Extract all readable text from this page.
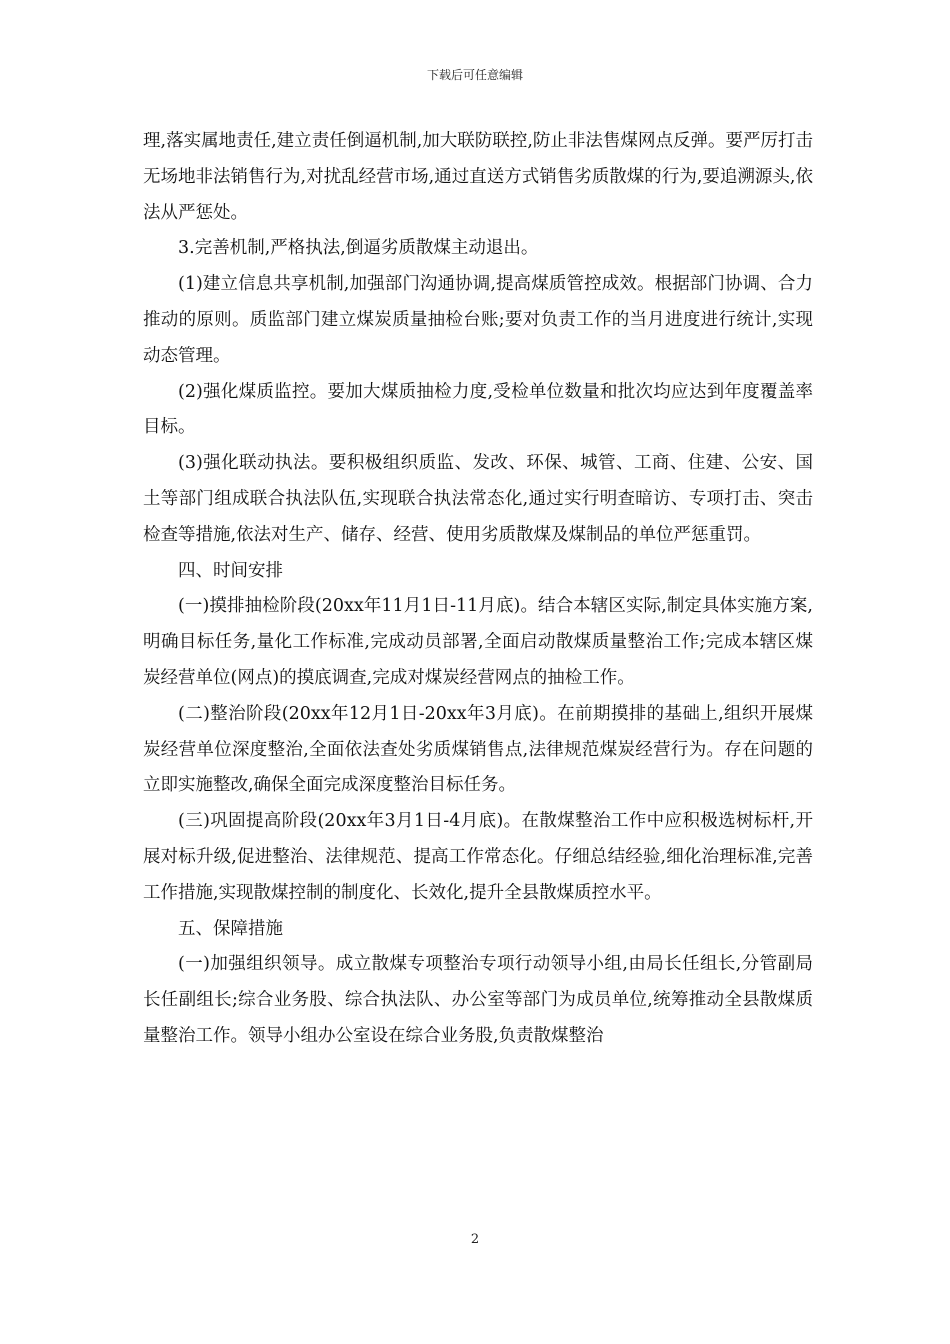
下载后可任意编辑

理,落实属地责任,建立责任倒逼机制,加大联防联控,防止非法售煤网点反弹。要严厉打击无场地非法销售行为,对扰乱经营市场,通过直送方式销售劣质散煤的行为,要追溯源头,依法从严惩处。

3.完善机制,严格执法,倒逼劣质散煤主动退出。

(1)建立信息共享机制,加强部门沟通协调,提高煤质管控成效。根据部门协调、合力推动的原则。质监部门建立煤炭质量抽检台账;要对负责工作的当月进度进行统计,实现动态管理。

(2)强化煤质监控。要加大煤质抽检力度,受检单位数量和批次均应达到年度覆盖率目标。

(3)强化联动执法。要积极组织质监、发改、环保、城管、工商、住建、公安、国土等部门组成联合执法队伍,实现联合执法常态化,通过实行明查暗访、专项打击、突击检查等措施,依法对生产、储存、经营、使用劣质散煤及煤制品的单位严惩重罚。

四、时间安排

(一)摸排抽检阶段(20xx年11月1日-11月底)。结合本辖区实际,制定具体实施方案,明确目标任务,量化工作标准,完成动员部署,全面启动散煤质量整治工作;完成本辖区煤炭经营单位(网点)的摸底调查,完成对煤炭经营网点的抽检工作。

(二)整治阶段(20xx年12月1日-20xx年3月底)。在前期摸排的基础上,组织开展煤炭经营单位深度整治,全面依法查处劣质煤销售点,法律规范煤炭经营行为。存在问题的立即实施整改,确保全面完成深度整治目标任务。

(三)巩固提高阶段(20xx年3月1日-4月底)。在散煤整治工作中应积极选树标杆,开展对标升级,促进整治、法律规范、提高工作常态化。仔细总结经验,细化治理标准,完善工作措施,实现散煤控制的制度化、长效化,提升全县散煤质控水平。

五、保障措施

(一)加强组织领导。成立散煤专项整治专项行动领导小组,由局长任组长,分管副局长任副组长;综合业务股、综合执法队、办公室等部门为成员单位,统筹推动全县散煤质量整治工作。领导小组办公室设在综合业务股,负责散煤整治

2
